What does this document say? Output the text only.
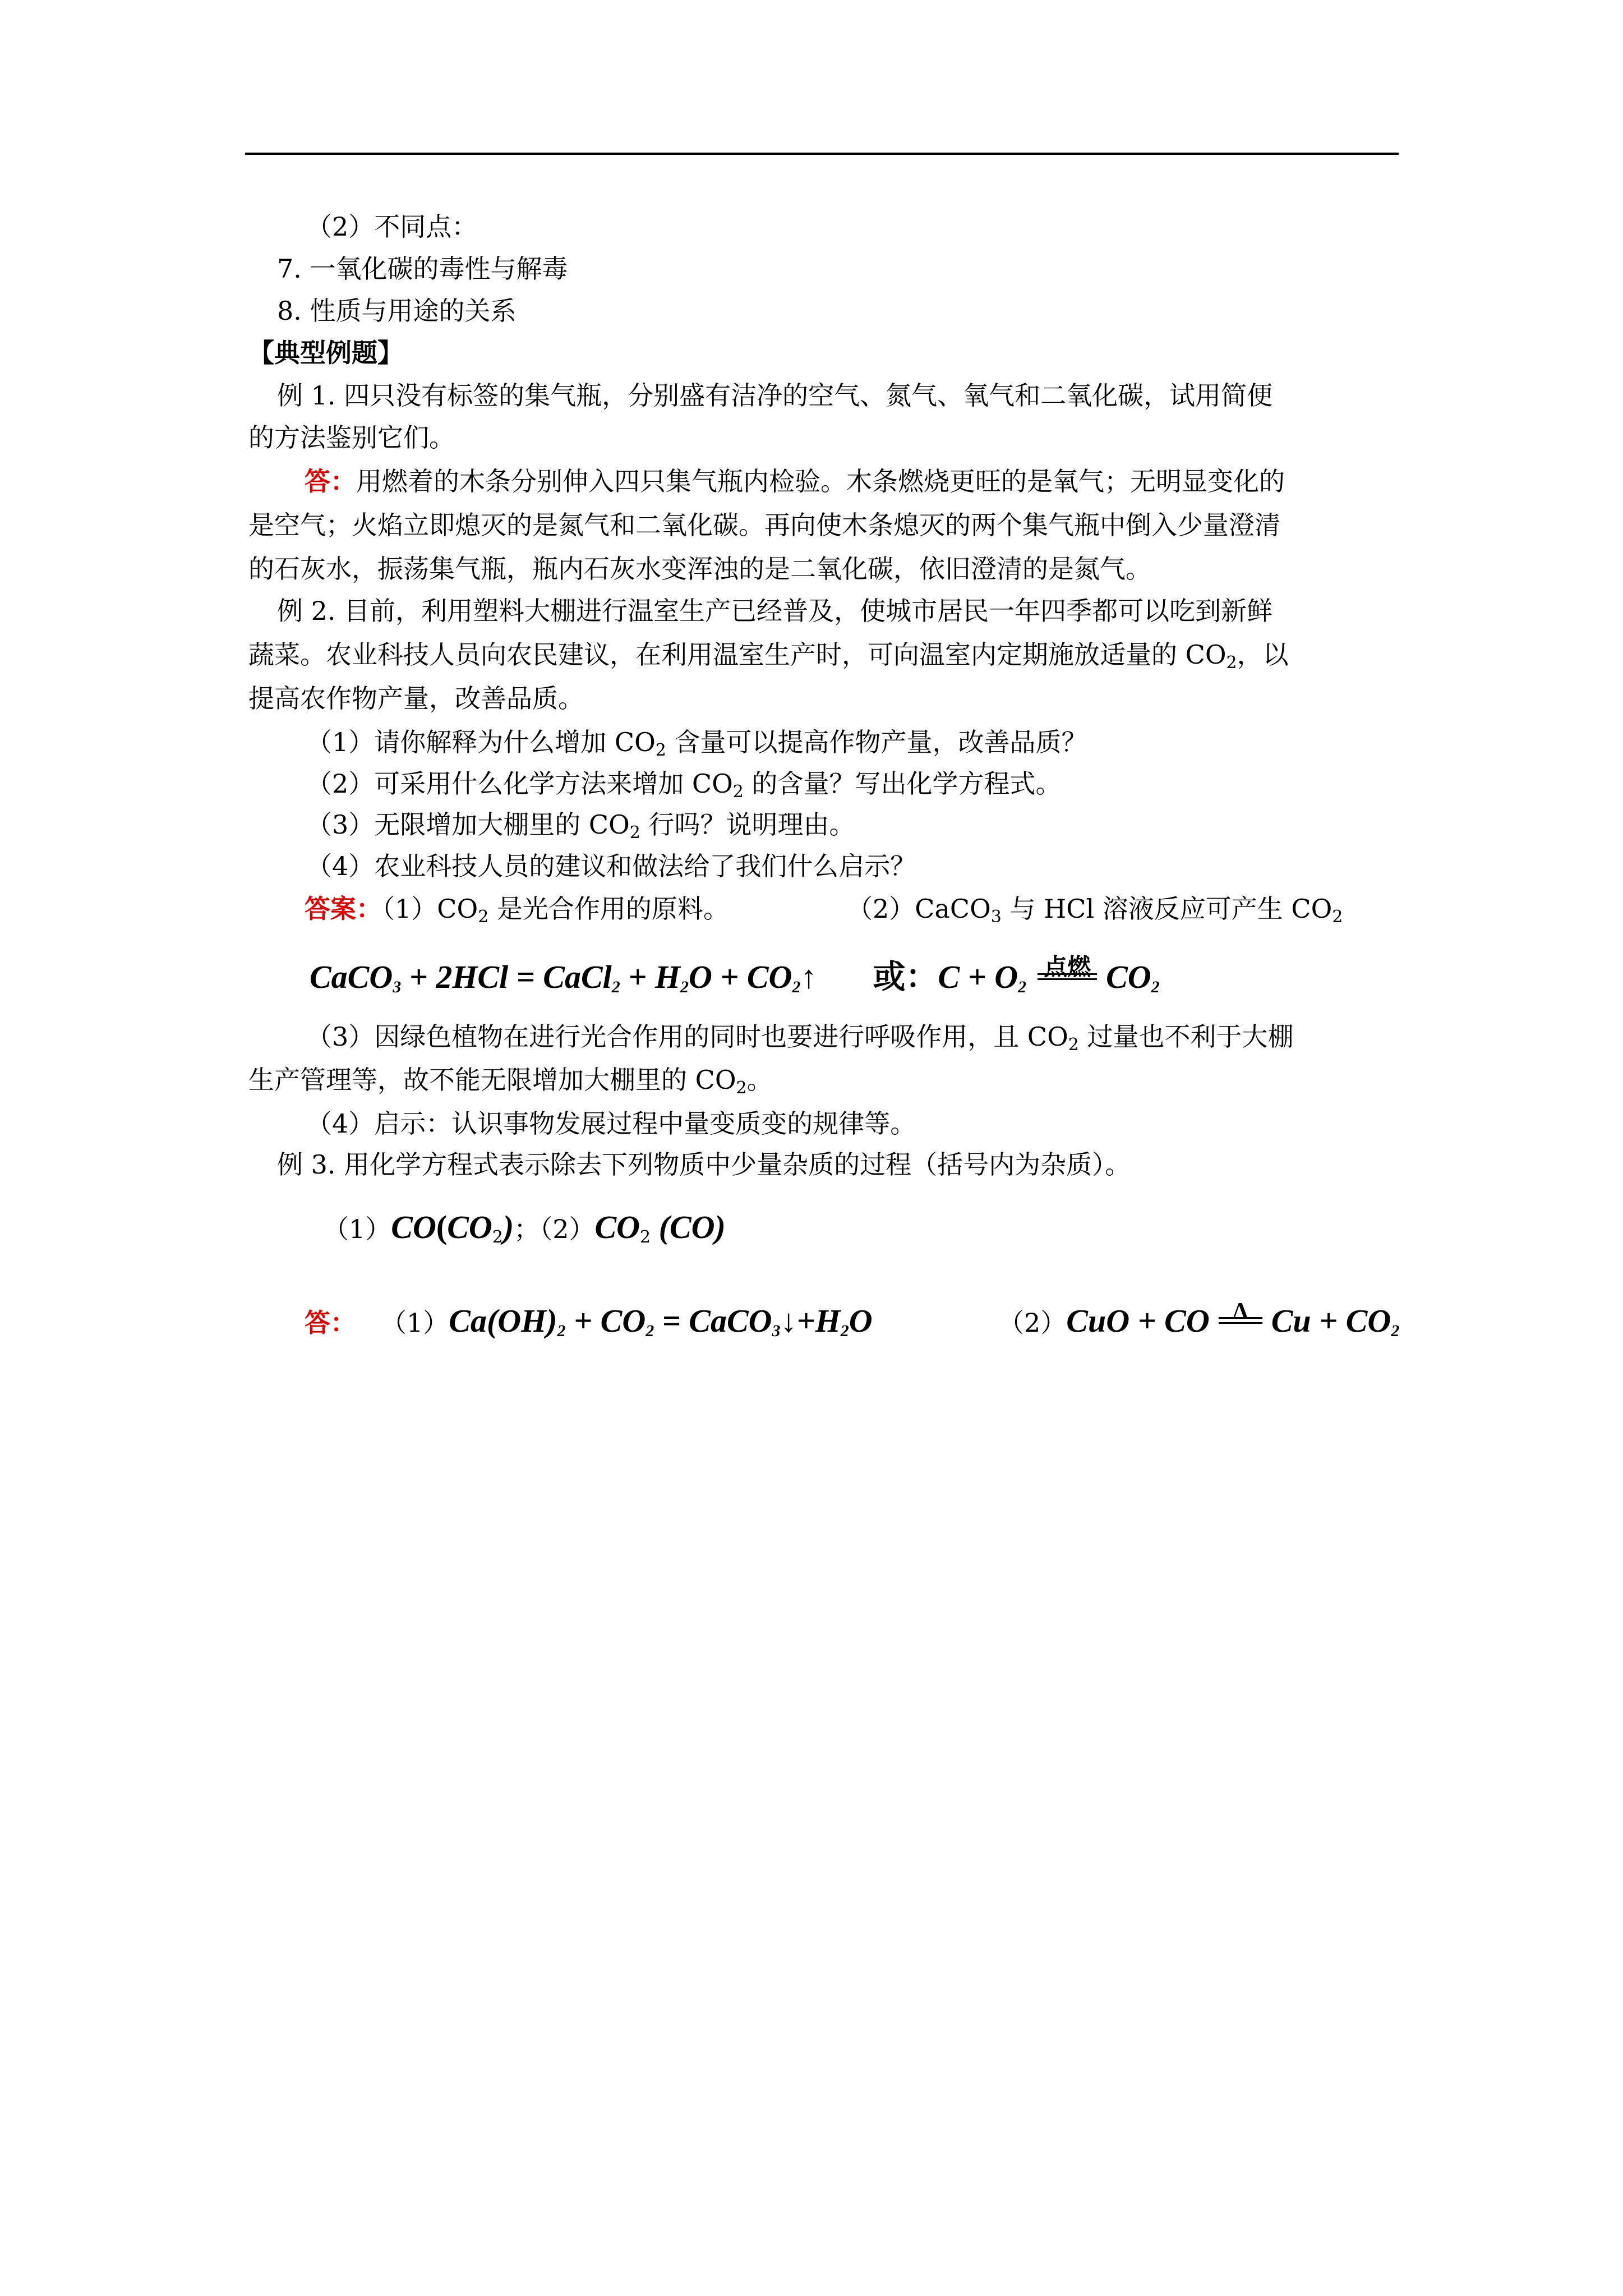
（2）不同点：
7. 一氧化碳的毒性与解毒
8. 性质与用途的关系
【典型例题】
例 1. 四只没有标签的集气瓶，分别盛有洁净的空气、氮气、氧气和二氧化碳，试用简便
的方法鉴别它们。
答：用燃着的木条分别伸入四只集气瓶内检验。木条燃烧更旺的是氧气；无明显变化的
是空气；火焰立即熄灭的是氮气和二氧化碳。再向使木条熄灭的两个集气瓶中倒入少量澄清
的石灰水，振荡集气瓶，瓶内石灰水变浑浊的是二氧化碳，依旧澄清的是氮气。
例 2. 目前，利用塑料大棚进行温室生产已经普及，使城市居民一年四季都可以吃到新鲜
蔬菜。农业科技人员向农民建议，在利用温室生产时，可向温室内定期施放适量的 $CO_2$，以
提高农作物产量，改善品质。
（1）请你解释为什么增加 $CO_2$ 含量可以提高作物产量，改善品质？
（2）可采用什么化学方法来增加 $CO_2$ 的含量？写出化学方程式。
（3）无限增加大棚里的 $CO_2$ 行吗？说明理由。
（4）农业科技人员的建议和做法给了我们什么启示？
答案：$(1)CO_2$ 是光合作用的原料。	（2）CaCO$_3$ 与 HCl 溶液反应可产生 $CO_2$
CaCO$_3$ + 2HCl = CaCl$_2$ + $H_2O$ + $CO_2↑$ 或：$C + O_2$
点燃 $CO_2$
（3）因绿色植物在进行光合作用的同时也要进行呼吸作用，且 $CO_2$ 过量也不利于大棚
生产管理等，故不能无限增加大棚里的 $CO_2$。
（4）启示：认识事物发展过程中量变质变的规律等。
例 3. 用化学方程式表示除去下列物质中少量杂质的过程（括号内为杂质）。
$(1)CO(CO_2)$；$(2)CO_2$ (CO)
答： $(1)Ca(OH)_2 + CO_2$ = $CaCO_3↓+H_2O$	（2）CuO + CO Δ $Cu + CO_2$
